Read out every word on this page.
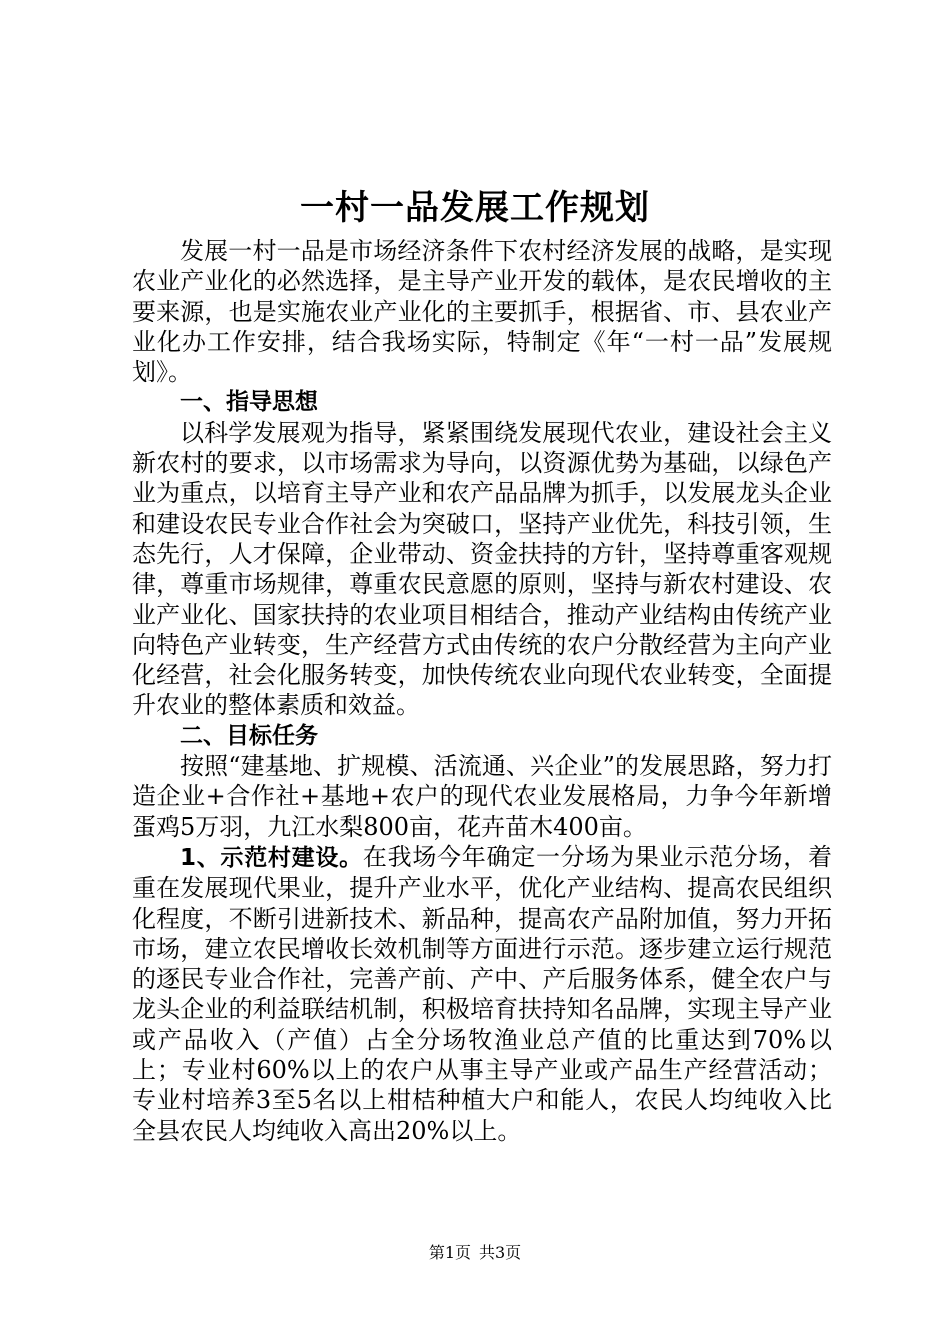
一村一品发展工作规划

发展一村一品是市场经济条件下农村经济发展的战略，是实现农业产业化的必然选择，是主导产业开发的载体，是农民增收的主要来源，也是实施农业产业化的主要抓手，根据省、市、县农业产业化办工作安排，结合我场实际，特制定《年“一村一品”发展规划》。

一、指导思想

以科学发展观为指导，紧紧围绕发展现代农业，建设社会主义新农村的要求，以市场需求为导向，以资源优势为基础，以绿色产业为重点，以培育主导产业和农产品品牌为抓手，以发展龙头企业和建设农民专业合作社会为突破口，坚持产业优先，科技引领，生态先行，人才保障，企业带动、资金扶持的方针，坚持尊重客观规律，尊重市场规律，尊重农民意愿的原则，坚持与新农村建设、农业产业化、国家扶持的农业项目相结合，推动产业结构由传统产业向特色产业转变，生产经营方式由传统的农户分散经营为主向产业化经营，社会化服务转变，加快传统农业向现代农业转变，全面提升农业的整体素质和效益。

二、目标任务

按照“建基地、扩规模、活流通、兴企业”的发展思路，努力打造企业+合作社+基地+农户的现代农业发展格局，力争今年新增蛋鸡5万羽，九江水梨800亩，花卉苗木400亩。

1、示范村建设。在我场今年确定一分场为果业示范分场，着重在发展现代果业，提升产业水平，优化产业结构、提高农民组织化程度，不断引进新技术、新品种，提高农产品附加值，努力开拓市场，建立农民增收长效机制等方面进行示范。逐步建立运行规范的逐民专业合作社，完善产前、产中、产后服务体系，健全农户与龙头企业的利益联结机制，积极培育扶持知名品牌，实现主导产业或产品收入（产值）占全分场牧渔业总产值的比重达到70%以上；专业村60%以上的农户从事主导产业或产品生产经营活动；专业村培养3至5名以上柑桔种植大户和能人，农民人均纯收入比全县农民人均纯收入高出20%以上。

第1页 共3页
